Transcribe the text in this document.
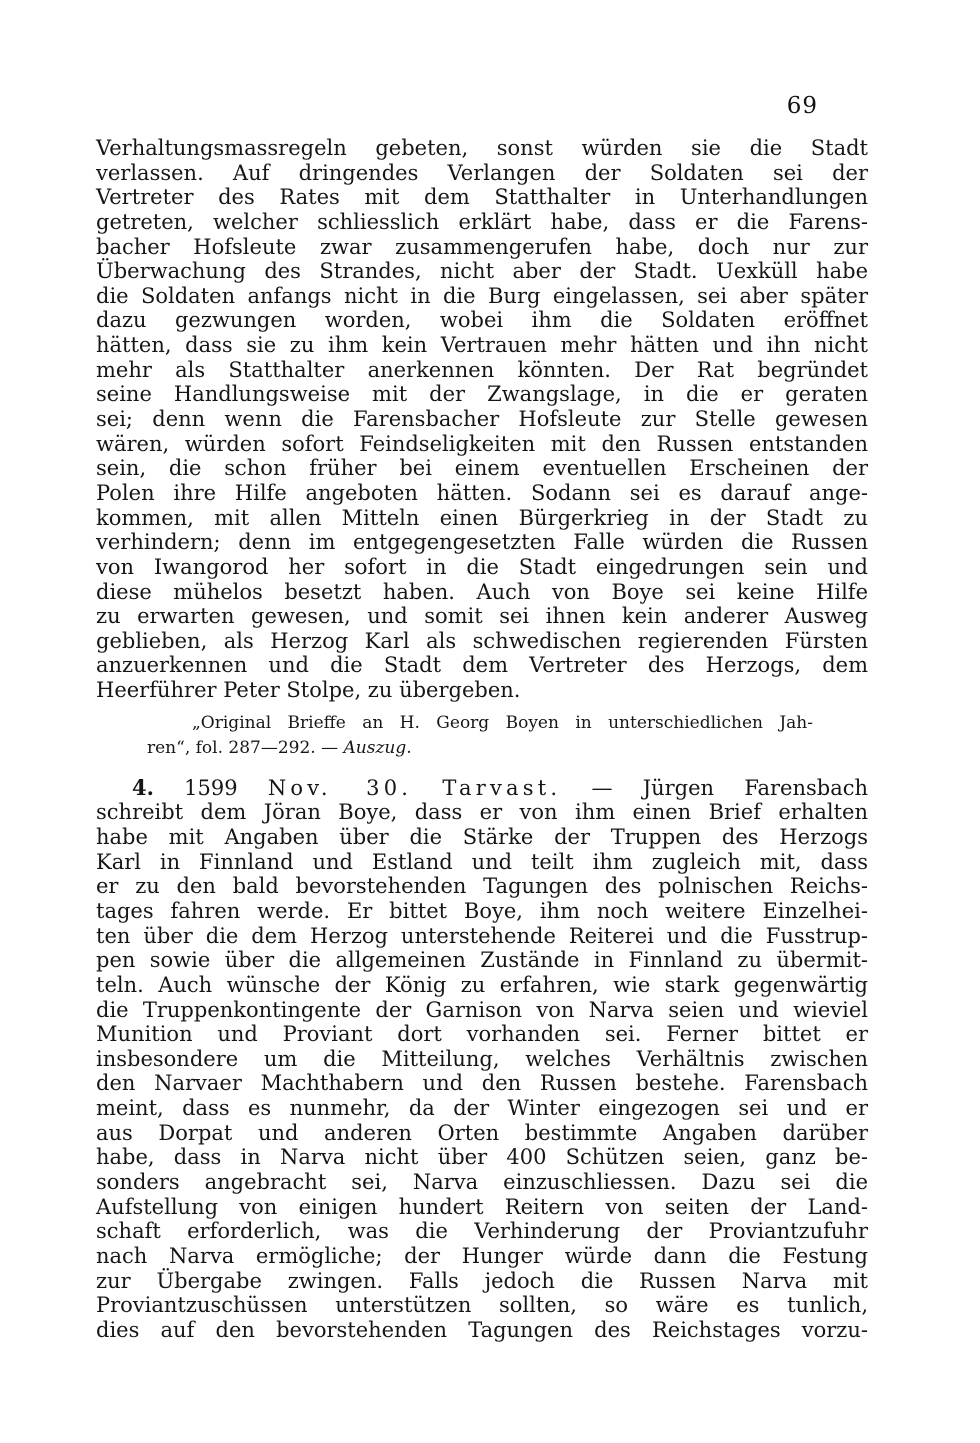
69
Verhaltungsmassregeln gebeten, sonst würden sie die Stadt
verlassen. Auf dringendes Verlangen der Soldaten sei der
Vertreter des Rates mit dem Statthalter in Unterhandlungen
getreten, welcher schliesslich erklärt habe, dass er die Farens-
bacher Hofsleute zwar zusammengerufen habe, doch nur zur
Überwachung des Strandes, nicht aber der Stadt. Uexküll habe
die Soldaten anfangs nicht in die Burg eingelassen, sei aber später
dazu gezwungen worden, wobei ihm die Soldaten eröffnet
hätten, dass sie zu ihm kein Vertrauen mehr hätten und ihn nicht
mehr als Statthalter anerkennen könnten. Der Rat begründet
seine Handlungsweise mit der Zwangslage, in die er geraten
sei; denn wenn die Farensbacher Hofsleute zur Stelle gewesen
wären, würden sofort Feindseligkeiten mit den Russen entstanden
sein, die schon früher bei einem eventuellen Erscheinen der
Polen ihre Hilfe angeboten hätten. Sodann sei es darauf ange-
kommen, mit allen Mitteln einen Bürgerkrieg in der Stadt zu
verhindern; denn im entgegengesetzten Falle würden die Russen
von Iwangorod her sofort in die Stadt eingedrungen sein und
diese mühelos besetzt haben. Auch von Boye sei keine Hilfe
zu erwarten gewesen, und somit sei ihnen kein anderer Ausweg
geblieben, als Herzog Karl als schwedischen regierenden Fürsten
anzuerkennen und die Stadt dem Vertreter des Herzogs, dem
Heerführer Peter Stolpe, zu übergeben.
„Original Brieffe an H. Georg Boyen in unterschiedlichen Jah-
ren“, fol. 287—292. — Auszug.
4. 1599 Nov. 30. Tarvast. — Jürgen Farensbach
schreibt dem Jöran Boye, dass er von ihm einen Brief erhalten
habe mit Angaben über die Stärke der Truppen des Herzogs
Karl in Finnland und Estland und teilt ihm zugleich mit, dass
er zu den bald bevorstehenden Tagungen des polnischen Reichs-
tages fahren werde. Er bittet Boye, ihm noch weitere Einzelhei-
ten über die dem Herzog unterstehende Reiterei und die Fusstrup-
pen sowie über die allgemeinen Zustände in Finnland zu übermit-
teln. Auch wünsche der König zu erfahren, wie stark gegenwärtig
die Truppenkontingente der Garnison von Narva seien und wieviel
Munition und Proviant dort vorhanden sei. Ferner bittet er
insbesondere um die Mitteilung, welches Verhältnis zwischen
den Narvaer Machthabern und den Russen bestehe. Farensbach
meint, dass es nunmehr, da der Winter eingezogen sei und er
aus Dorpat und anderen Orten bestimmte Angaben darüber
habe, dass in Narva nicht über 400 Schützen seien, ganz be-
sonders angebracht sei, Narva einzuschliessen. Dazu sei die
Aufstellung von einigen hundert Reitern von seiten der Land-
schaft erforderlich, was die Verhinderung der Proviantzufuhr
nach Narva ermögliche; der Hunger würde dann die Festung
zur Übergabe zwingen. Falls jedoch die Russen Narva mit
Proviantzuschüssen unterstützen sollten, so wäre es tunlich,
dies auf den bevorstehenden Tagungen des Reichstages vorzu-
